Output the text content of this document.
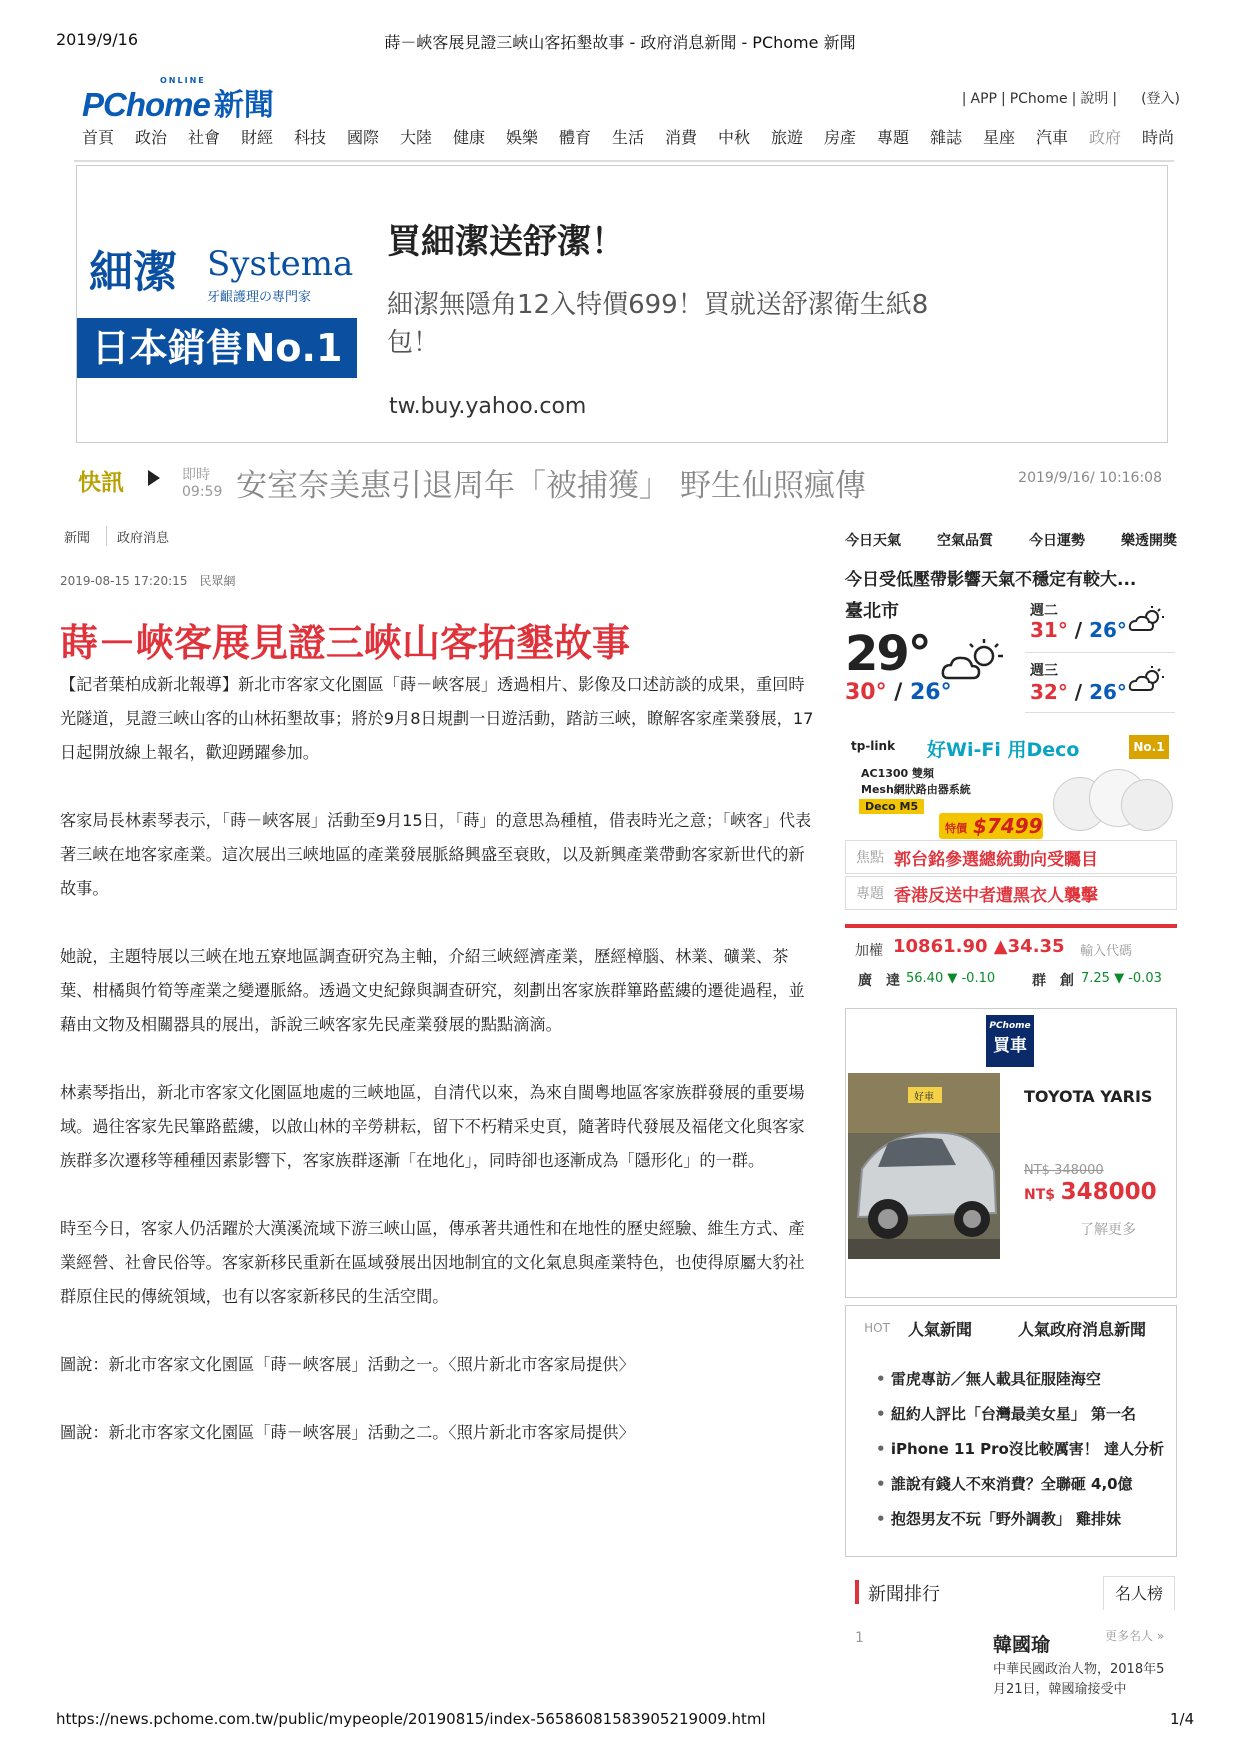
2019/9/16	蒔－峽客展見證三峽山客拓墾故事 - 政府消息新聞 - PChome 新聞
PChome
ONLINE
新聞	| APP | PChome | 說明 | (登入)
首頁	政治	社會	財經	科技	國際	大陸	健康	娛樂	體育	生活	消費	中秋	旅遊	房產	專題	雜誌	星座	汽車	政府	時尚
細潔 Systema
牙齦護理の專門家
日本銷售No.1
買細潔送舒潔！
細潔無隱角12入特價699！買就送舒潔衛生紙8包！
tw.buy.yahoo.com
快訊	即時
09:59 安室奈美惠引退周年「被捕獲」 野生仙照瘋傳	2019/9/16/ 10:16:08
新聞 政府消息
2019-08-15 17:20:15　民眾網
蒔－峽客展見證三峽山客拓墾故事

【記者葉柏成新北報導】新北市客家文化園區「蒔－峽客展」透過相片、影像及口述訪談的成果，重回時光隧道，見證三峽山客的山林拓墾故事；將於9月8日規劃一日遊活動，踏訪三峽，瞭解客家產業發展，17日起開放線上報名，歡迎踴躍參加。

客家局長林素琴表示，「蒔－峽客展」活動至9月15日，「蒔」的意思為種植，借表時光之意；「峽客」代表著三峽在地客家產業。這次展出三峽地區的產業發展脈絡興盛至衰敗，以及新興產業帶動客家新世代的新故事。

她說，主題特展以三峽在地五寮地區調查研究為主軸，介紹三峽經濟產業，歷經樟腦、林業、礦業、茶葉、柑橘與竹筍等產業之變遷脈絡。透過文史紀錄與調查研究，刻劃出客家族群篳路藍縷的遷徙過程，並藉由文物及相關器具的展出，訴說三峽客家先民產業發展的點點滴滴。

林素琴指出，新北市客家文化園區地處的三峽地區，自清代以來，為來自閩粵地區客家族群發展的重要場域。過往客家先民篳路藍縷，以啟山林的辛勞耕耘，留下不朽精采史頁，隨著時代發展及福佬文化與客家族群多次遷移等種種因素影響下，客家族群逐漸「在地化」，同時卻也逐漸成為「隱形化」的一群。

時至今日，客家人仍活躍於大漢溪流域下游三峽山區，傳承著共通性和在地性的歷史經驗、維生方式、產業經營、社會民俗等。客家新移民重新在區域發展出因地制宜的文化氣息與產業特色，也使得原屬大豹社群原住民的傳統領域，也有以客家新移民的生活空間。

圖說：新北市客家文化園區「蒔－峽客展」活動之一。〈照片新北市客家局提供〉

圖說：新北市客家文化園區「蒔－峽客展」活動之二。〈照片新北市客家局提供〉

今日天氣	空氣品質	今日運勢	樂透開獎
今日受低壓帶影響天氣不穩定有較大...
臺北市
29°
30° / 26°
週二
31° / 26°
週三
32° / 26°
tp-link 好Wi-Fi 用Deco	No.1
AC1300 雙頻
Mesh網狀路由器系統
Deco M5
特價 $7499
焦點 郭台銘參選總統動向受矚目
專題 香港反送中者遭黑衣人襲擊
加權 10861.90 ▲34.35 輸入代碼
廣　達 56.40 ▼ -0.10	群　創 7.25 ▼ -0.03
PChome
買車
好車	TOYOTA YARIS
NT$ 348000
NT$ 348000
了解更多
HOT	人氣新聞	人氣政府消息新聞
• 雷虎專訪／無人載具征服陸海空
• 紐約人評比「台灣最美女星」 第一名
• iPhone 11 Pro沒比較厲害！ 達人分析
• 誰說有錢人不來消費？全聯砸 4,0億
• 抱怨男友不玩「野外調教」 雞排妹
新聞排行	名人榜
更多名人 »
1	韓國瑜
中華民國政治人物，2018年5月21日，韓國瑜接受中
https://news.pchome.com.tw/public/mypeople/20190815/index-56586081583905219009.html	1/4
